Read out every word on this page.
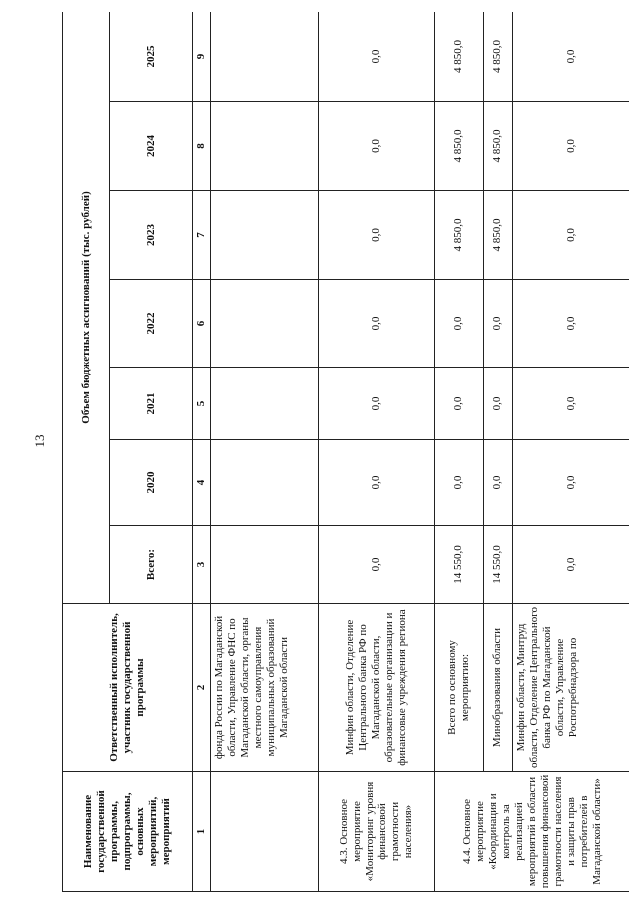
13
Наименование государственной программы, подпрограммы, основных мероприятий, мероприятий	Ответственный исполнитель, участник государственной программы	Объем бюджетных ассигнований (тыс. рублей)						
		Всего:	2020	2021	2022	2023	2024	2025
1	2	3	4	5	6	7	8	9
	фонда России по Магаданской области, Управление ФНС по Магаданской области, органы местного самоуправления муниципальных образований Магаданской области							
4.3. Основное мероприятие «Мониторинг уровня финансовой грамотности населения»	Минфин области, Отделение Центрального банка РФ по Магаданской области, образовательные организации и финансовые учреждения региона	0,0	0,0	0,0	0,0	0,0	0,0	0,0
4.4. Основное мероприятие «Координация и контроль за реализацией мероприятий в области повышения финансовой грамотности населения и защиты прав потребителей в Магаданской области»	Всего по основному мероприятию:	14 550,0	0,0	0,0	0,0	4 850,0	4 850,0	4 850,0
	Минобразования области	14 550,0	0,0	0,0	0,0	4 850,0	4 850,0	4 850,0
	Минфин области, Минтруд области, Отделение Центрального банка РФ по Магаданской области, Управление Роспотребнадзора по	0,0	0,0	0,0	0,0	0,0	0,0	0,0
